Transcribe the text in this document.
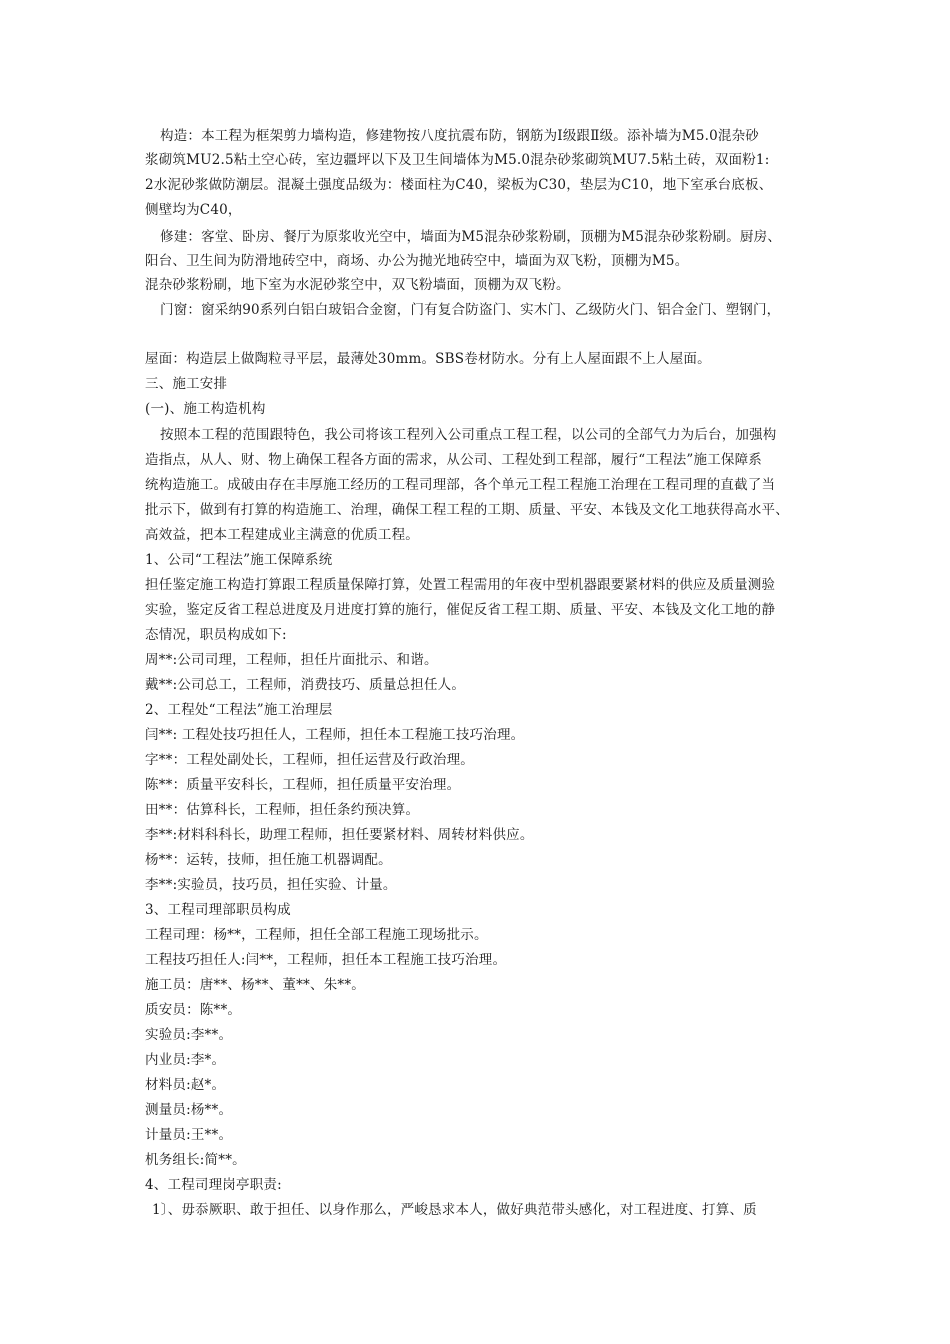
构造：本工程为框架剪力墙构造，修建物按八度抗震布防，钢筋为Ⅰ级跟Ⅱ级。添补墙为M5.0混杂砂
浆砌筑MU2.5粘土空心砖，室边疆坪以下及卫生间墙体为M5.0混杂砂浆砌筑MU7.5粘土砖，双面粉1:
2水泥砂浆做防潮层。混凝土强度品级为：楼面柱为C40，梁板为C30，垫层为C10，地下室承台底板、
侧壁均为C40，
修建：客堂、卧房、餐厅为原浆收光空中，墙面为M5混杂砂浆粉刷，顶棚为M5混杂砂浆粉刷。厨房、
阳台、卫生间为防滑地砖空中，商场、办公为抛光地砖空中，墙面为双飞粉，顶棚为M5。
混杂砂浆粉刷，地下室为水泥砂浆空中，双飞粉墙面，顶棚为双飞粉。
门窗：窗采纳90系列白铝白玻铝合金窗，门有复合防盗门、实木门、乙级防火门、铝合金门、塑钢门，
屋面：构造层上做陶粒寻平层，最薄处30mm。SBS卷材防水。分有上人屋面跟不上人屋面。
三、施工安排
(一)、施工构造机构
按照本工程的范围跟特色，我公司将该工程列入公司重点工程工程，以公司的全部气力为后台，加强构
造指点，从人、财、物上确保工程各方面的需求，从公司、工程处到工程部，履行“工程法”施工保障系
统构造施工。成破由存在丰厚施工经历的工程司理部，各个单元工程工程施工治理在工程司理的直截了当
批示下，做到有打算的构造施工、治理，确保工程工程的工期、质量、平安、本钱及文化工地获得高水平、
高效益，把本工程建成业主满意的优质工程。
1、公司“工程法”施工保障系统
担任鉴定施工构造打算跟工程质量保障打算，处置工程需用的年夜中型机器跟要紧材料的供应及质量测验
实验，鉴定反省工程总进度及月进度打算的施行，催促反省工程工期、质量、平安、本钱及文化工地的静
态情况，职员构成如下:
周**:公司司理，工程师，担任片面批示、和谐。
戴**:公司总工，工程师，消费技巧、质量总担任人。
2、工程处“工程法”施工治理层
闫**: 工程处技巧担任人，工程师，担任本工程施工技巧治理。
字**：工程处副处长，工程师，担任运营及行政治理。
陈**：质量平安科长，工程师，担任质量平安治理。
田**：估算科长，工程师，担任条约预决算。
李**:材料科科长，助理工程师，担任要紧材料、周转材料供应。
杨**：运转，技师，担任施工机器调配。
李**:实验员，技巧员，担任实验、计量。
3、工程司理部职员构成
工程司理：杨**，工程师，担任全部工程施工现场批示。
工程技巧担任人:闫**，工程师，担任本工程施工技巧治理。
施工员：唐**、杨**、董**、朱**。
质安员：陈**。
实验员:李**。
内业员:李*。
材料员:赵*。
测量员:杨**。
计量员:王**。
机务组长:简**。
4、工程司理岗亭职责:
1〕、毋忝厥职、敢于担任、以身作那么，严峻恳求本人，做好典范带头感化，对工程进度、打算、质
